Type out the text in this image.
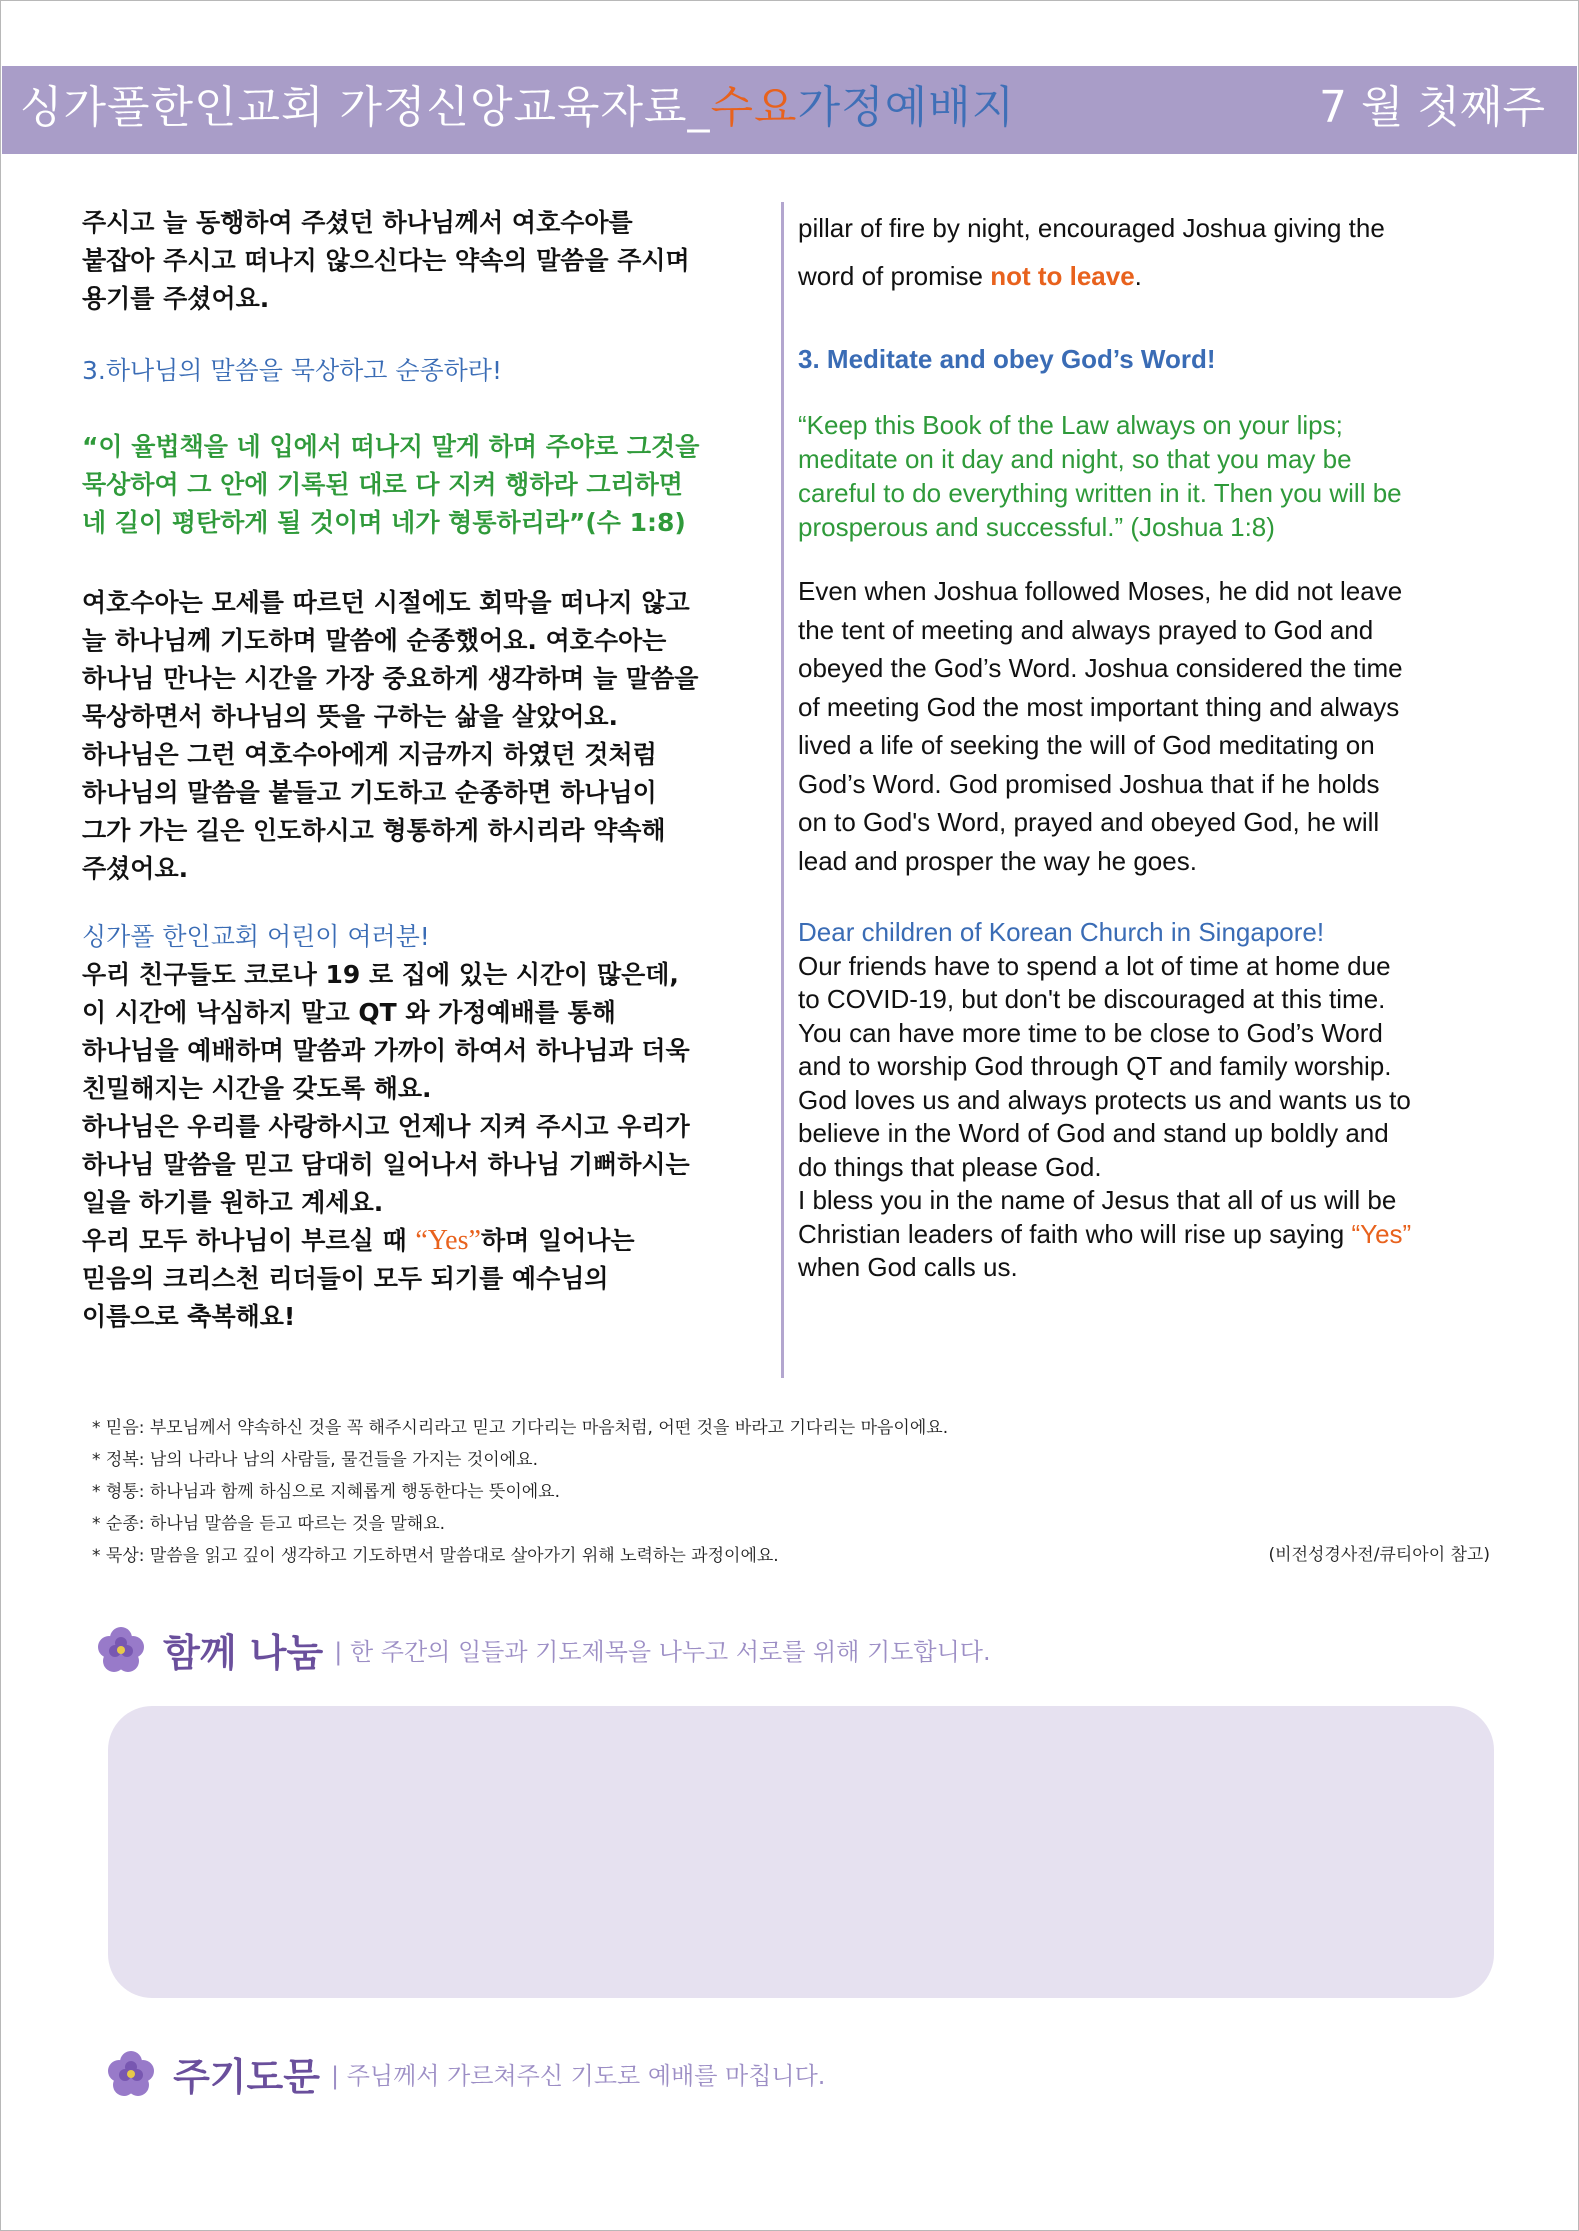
싱가폴한인교회 가정신앙교육자료_수요가정예배지	7 월 첫째주

주시고 늘 동행하여 주셨던 하나님께서 여호수아를

붙잡아 주시고 떠나지 않으신다는 약속의 말씀을 주시며

용기를 주셨어요.

3.하나님의 말씀을 묵상하고 순종하라!

“이 율법책을 네 입에서 떠나지 말게 하며 주야로 그것을

묵상하여 그 안에 기록된 대로 다 지켜 행하라 그리하면

네 길이 평탄하게 될 것이며 네가 형통하리라”(수 1:8)

여호수아는 모세를 따르던 시절에도 회막을 떠나지 않고

늘 하나님께 기도하며 말씀에 순종했어요. 여호수아는

하나님 만나는 시간을 가장 중요하게 생각하며 늘 말씀을

묵상하면서 하나님의 뜻을 구하는 삶을 살았어요.

하나님은 그런 여호수아에게 지금까지 하였던 것처럼

하나님의 말씀을 붙들고 기도하고 순종하면 하나님이

그가 가는 길은 인도하시고 형통하게 하시리라 약속해

주셨어요.

싱가폴 한인교회 어린이 여러분!

우리 친구들도 코로나 19 로 집에 있는 시간이 많은데,

이 시간에 낙심하지 말고 QT 와 가정예배를 통해

하나님을 예배하며 말씀과 가까이 하여서 하나님과 더욱

친밀해지는 시간을 갖도록 해요.

하나님은 우리를 사랑하시고 언제나 지켜 주시고 우리가

하나님 말씀을 믿고 담대히 일어나서 하나님 기뻐하시는

일을 하기를 원하고 계세요.

우리 모두 하나님이 부르실 때 “Yes”하며 일어나는

믿음의 크리스천 리더들이 모두 되기를 예수님의

이름으로 축복해요!

pillar of fire by night, encouraged Joshua giving the

word of promise not to leave.

3. Meditate and obey God’s Word!

“Keep this Book of the Law always on your lips;

meditate on it day and night, so that you may be

careful to do everything written in it. Then you will be

prosperous and successful.” (Joshua 1:8)

Even when Joshua followed Moses, he did not leave

the tent of meeting and always prayed to God and

obeyed the God’s Word. Joshua considered the time

of meeting God the most important thing and always

lived a life of seeking the will of God meditating on

God’s Word. God promised Joshua that if he holds

on to God's Word, prayed and obeyed God, he will

lead and prosper the way he goes.

Dear children of Korean Church in Singapore!

Our friends have to spend a lot of time at home due

to COVID-19, but don't be discouraged at this time.

You can have more time to be close to God’s Word

and to worship God through QT and family worship.

God loves us and always protects us and wants us to

believe in the Word of God and stand up boldly and

do things that please God.

I bless you in the name of Jesus that all of us will be

Christian leaders of faith who will rise up saying “Yes”

when God calls us.

* 믿음: 부모님께서 약속하신 것을 꼭 해주시리라고 믿고 기다리는 마음처럼, 어떤 것을 바라고 기다리는 마음이에요.
* 정복: 남의 나라나 남의 사람들, 물건들을 가지는 것이에요.
* 형통: 하나님과 함께 하심으로 지혜롭게 행동한다는 뜻이에요.
* 순종: 하나님 말씀을 듣고 따르는 것을 말해요.
* 묵상: 말씀을 읽고 깊이 생각하고 기도하면서 말씀대로 살아가기 위해 노력하는 과정이에요.	(비전성경사전/큐티아이 참고)
함께 나눔 | 한 주간의 일들과 기도제목을 나누고 서로를 위해 기도합니다.
주기도문 | 주님께서 가르쳐주신 기도로 예배를 마칩니다.
